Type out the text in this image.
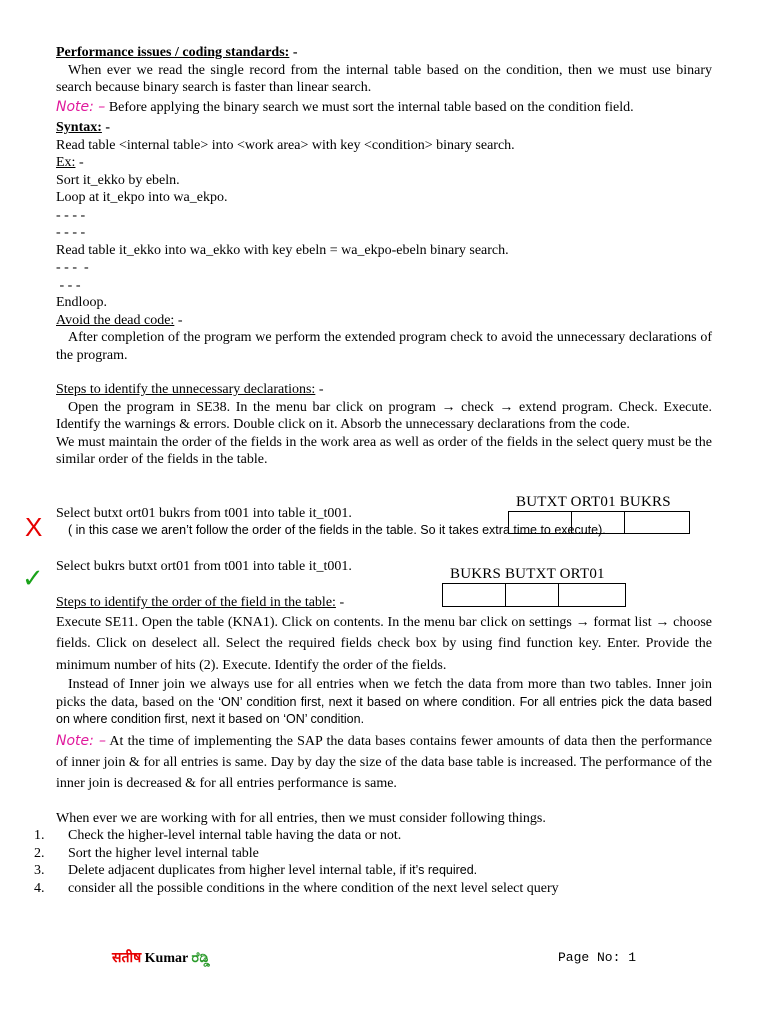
Performance issues / coding standards: -
When ever we read the single record from the internal table based on the condition, then we must use binary search because binary search is faster than linear search.
Note: – Before applying the binary search we must sort the internal table based on the condition field.
Syntax: -
Read table <internal table> into <work area> with key <condition> binary search.
Ex: -
Sort it_ekko by ebeln.
Loop at it_ekpo into wa_ekpo.
- - - -
- - - -
Read table it_ekko into wa_ekko with key ebeln = wa_ekpo-ebeln binary search.
- - -  -
- - -
Endloop.
Avoid the dead code: -
After completion of the program we perform the extended program check to avoid the unnecessary declarations of the program.
Steps to identify the unnecessary declarations: -
Open the program in SE38. In the menu bar click on program → check → extend program. Check. Execute. Identify the warnings & errors. Double click on it. Absorb the unnecessary declarations from the code.
We must maintain the order of the fields in the work area as well as order of the fields in the select query must be the similar order of the fields in the table.
Select butxt ort01 bukrs from t001 into table it_t001.
( in this case we aren’t follow the order of the fields in the table. So it takes extra time to execute).
Select bukrs butxt ort01 from t001 into table it_t001.
Steps to identify the order of the field in the table: -
Execute SE11. Open the table (KNA1). Click on contents. In the menu bar click on settings → format list → choose fields. Click on deselect all. Select the required fields check box by using find function key. Enter. Provide the minimum number of hits (2). Execute. Identify the order of the fields.
Instead of Inner join we always use for all entries when we fetch the data from more than two tables. Inner join picks the data, based on the ‘ON’ condition first, next it based on where condition. For all entries pick the data based on where condition first, next it based on ‘ON’ condition.
Note: – At the time of implementing the SAP the data bases contains fewer amounts of data then the performance of inner join & for all entries is same. Day by day the size of the data base table is increased. The performance of the inner join is decreased & for all entries performance is same.
When ever we are working with for all entries, then we must consider following things.
1.	Check the higher-level internal table having the data or not.
2.	Sort the higher level internal table
3.	Delete adjacent duplicates from higher level internal table, if it’s required.
4.	consider all the possible conditions in the where condition of the next level select query
BUTXT ORT01 BUKRS
BUKRS BUTXT ORT01
X
✓
सतीष Kumar ರೆಡ್ಡಿ	Page No: 1
